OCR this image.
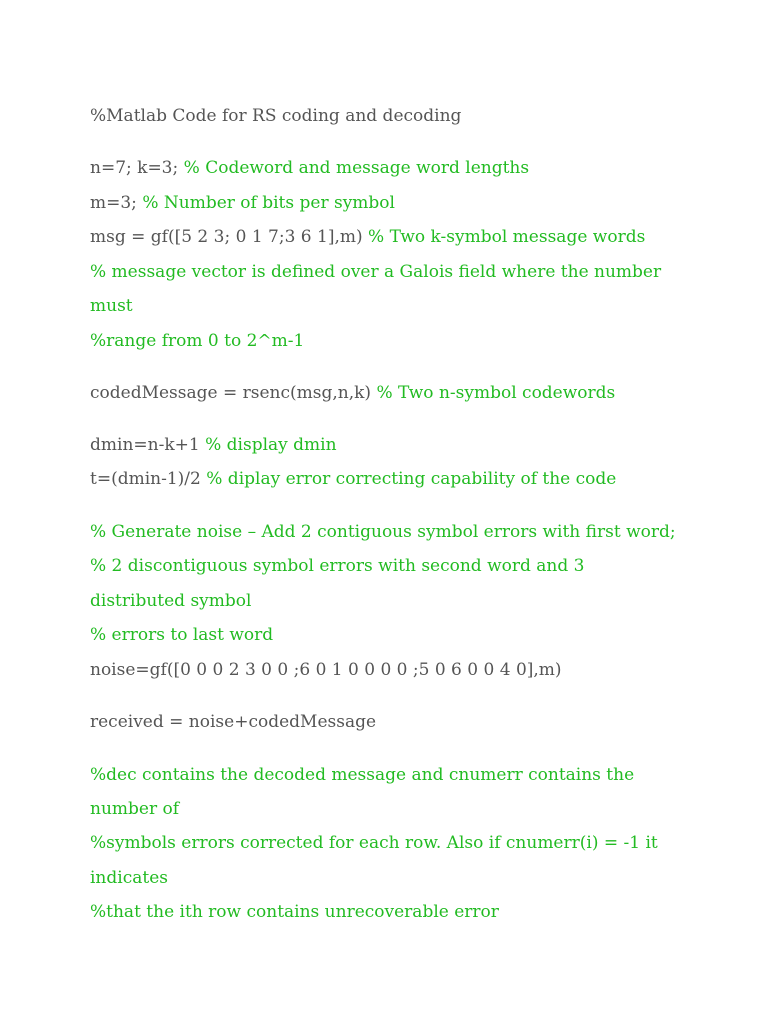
%Matlab Code for RS coding and decoding
n=7; k=3; % Codeword and message word lengths
m=3; % Number of bits per symbol
msg = gf([5 2 3; 0 1 7;3 6 1],m) % Two k-symbol message words
% message vector is defined over a Galois field where the number
must
%range from 0 to 2^m-1
codedMessage = rsenc(msg,n,k) % Two n-symbol codewords
dmin=n-k+1 % display dmin
t=(dmin-1)/2 % diplay error correcting capability of the code
% Generate noise – Add 2 contiguous symbol errors with first word;
% 2 discontiguous symbol errors with second word and 3
distributed symbol
% errors to last word
noise=gf([0 0 0 2 3 0 0 ;6 0 1 0 0 0 0 ;5 0 6 0 0 4 0],m)
received = noise+codedMessage
%dec contains the decoded message and cnumerr contains the
number of
%symbols errors corrected for each row. Also if cnumerr(i) = -1 it
indicates
%that the ith row contains unrecoverable error
